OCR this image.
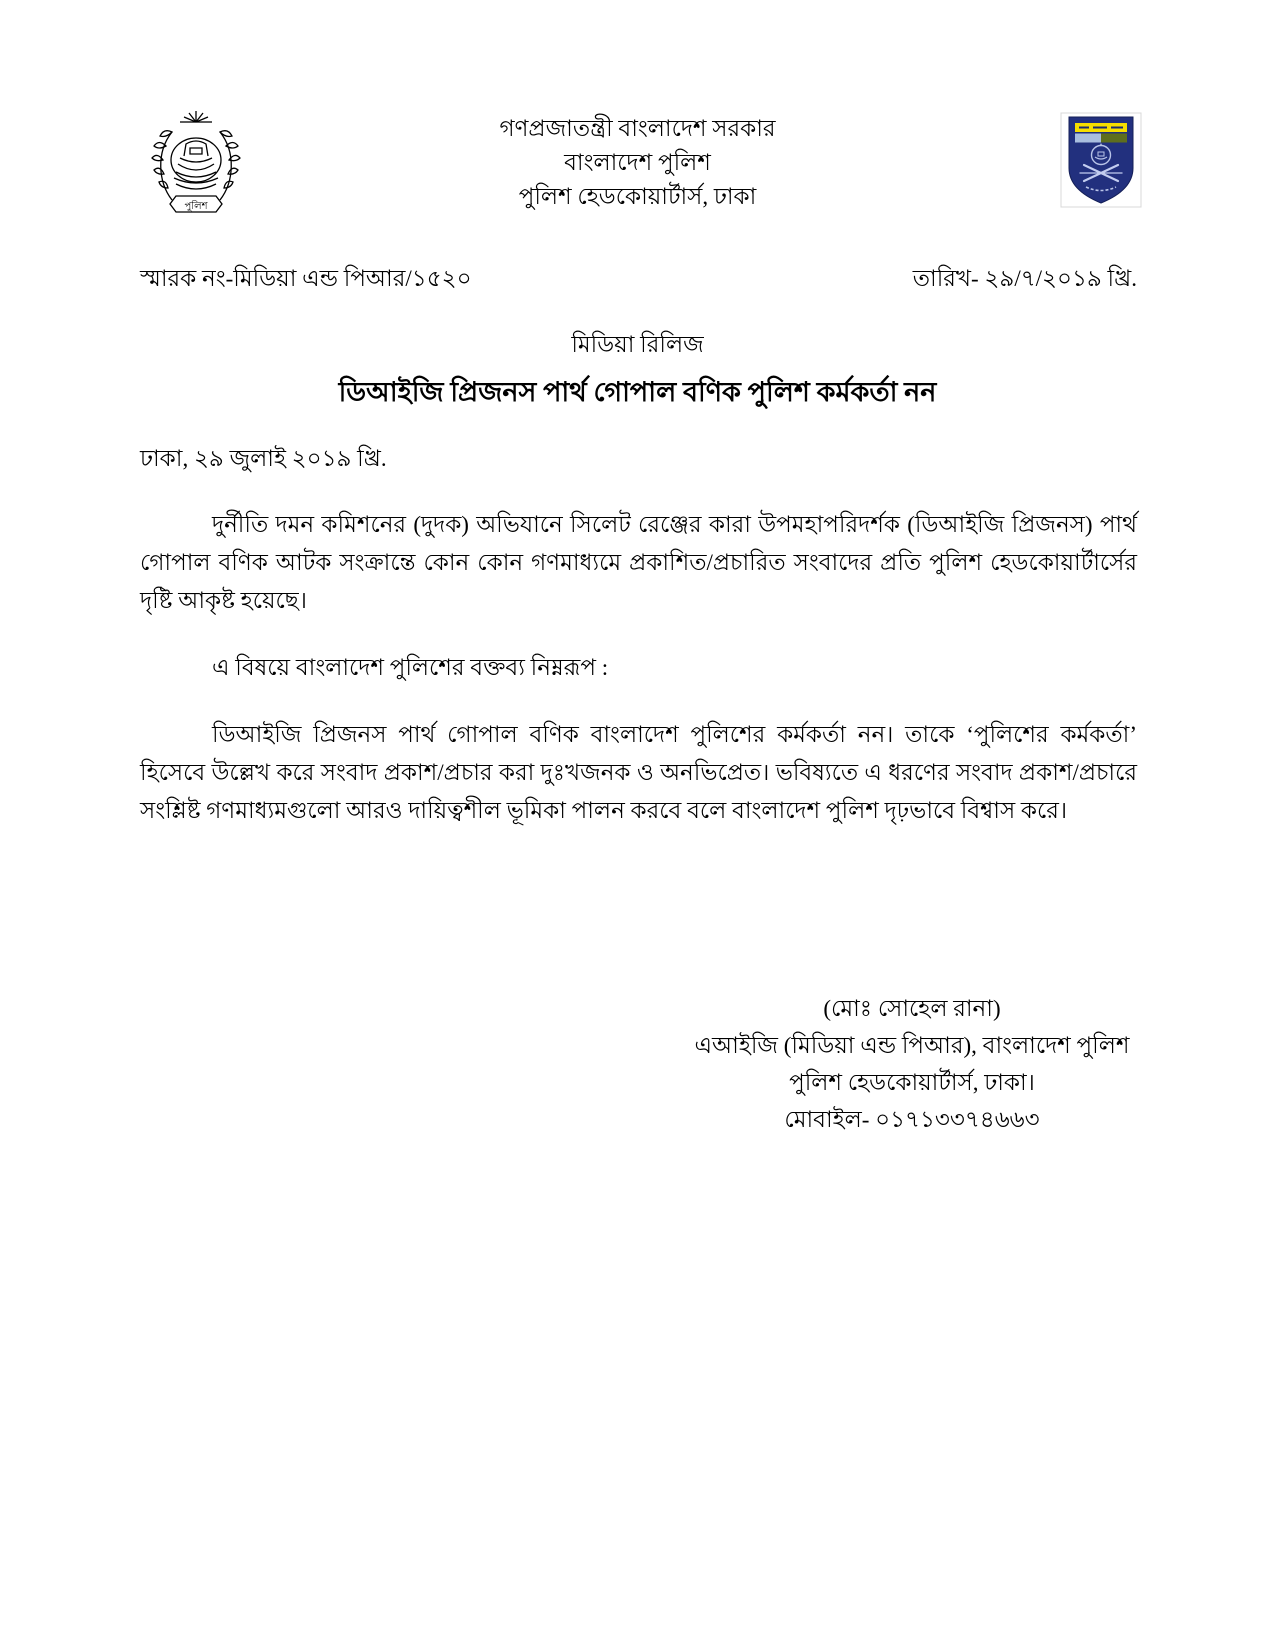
পুলিশ
গণপ্রজাতন্ত্রী বাংলাদেশ সরকার
বাংলাদেশ পুলিশ
পুলিশ হেডকোয়ার্টার্স, ঢাকা
স্মারক নং-মিডিয়া এন্ড পিআর/১৫২০	তারিখ- ২৯/৭/২০১৯ খ্রি.
মিডিয়া রিলিজ
ডিআইজি প্রিজনস পার্থ গোপাল বণিক পুলিশ কর্মকর্তা নন
ঢাকা, ২৯ জুলাই ২০১৯ খ্রি.

দুর্নীতি দমন কমিশনের (দুদক) অভিযানে সিলেট রেঞ্জের কারা উপমহাপরিদর্শক (ডিআইজি প্রিজনস) পার্থ গোপাল বণিক আটক সংক্রান্তে কোন কোন গণমাধ্যমে প্রকাশিত/প্রচারিত সংবাদের প্রতি পুলিশ হেডকোয়ার্টার্সের দৃষ্টি আকৃষ্ট হয়েছে।

এ বিষয়ে বাংলাদেশ পুলিশের বক্তব্য নিম্নরূপ :

ডিআইজি প্রিজনস পার্থ গোপাল বণিক বাংলাদেশ পুলিশের কর্মকর্তা নন। তাকে ‘পুলিশের কর্মকর্তা’ হিসেবে উল্লেখ করে সংবাদ প্রকাশ/প্রচার করা দুঃখজনক ও অনভিপ্রেত। ভবিষ্যতে এ ধরণের সংবাদ প্রকাশ/প্রচারে সংশ্লিষ্ট গণমাধ্যমগুলো আরও দায়িত্বশীল ভূমিকা পালন করবে বলে বাংলাদেশ পুলিশ দৃঢ়ভাবে বিশ্বাস করে।

(মোঃ সোহেল রানা)
এআইজি (মিডিয়া এন্ড পিআর), বাংলাদেশ পুলিশ
পুলিশ হেডকোয়ার্টার্স, ঢাকা।
মোবাইল- ০১৭১৩৩৭৪৬৬৩
